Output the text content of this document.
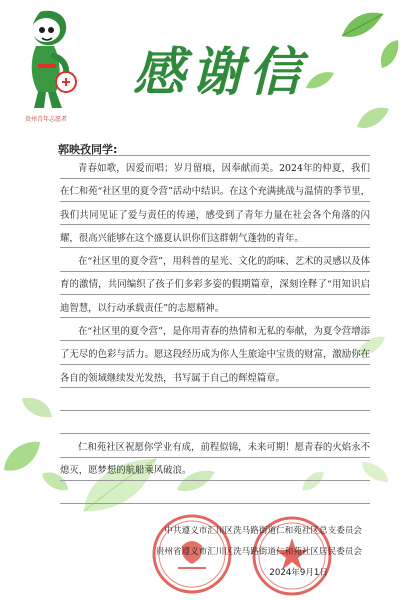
贵州青年志愿者
感谢信
郭映孜同学:
青春如歌，因爱而唱；岁月留痕，因奉献而美。2024年的仲夏，我们在仁和苑“社区里的夏令营”活动中结识。在这个充满挑战与温情的季节里，我们共同见证了爱与责任的传递，感受到了青年力量在社会各个角落的闪耀，很高兴能够在这个盛夏认识你们这群朝气蓬勃的青年。
在“社区里的夏令营”，用科普的星光、文化的韵味、艺术的灵感以及体育的激情，共同编织了孩子们多彩多姿的假期篇章，深刻诠释了“用知识启迪智慧，以行动承载责任”的志愿精神。
在“社区里的夏令营”，是你用青春的热情和无私的奉献，为夏令营增添了无尽的色彩与活力。愿这段经历成为你人生旅途中宝贵的财富，激励你在各自的领域继续发光发热，书写属于自己的辉煌篇章。
仁和苑社区祝愿你学业有成，前程似锦，未来可期！愿青春的火焰永不熄灭，愿梦想的航船乘风破浪。
中共遵义市汇川区洗马路街道仁和苑社区总支委员会
贵州省遵义市汇川区洗马路街道仁和苑社区居民委员会
2024年9月1日
